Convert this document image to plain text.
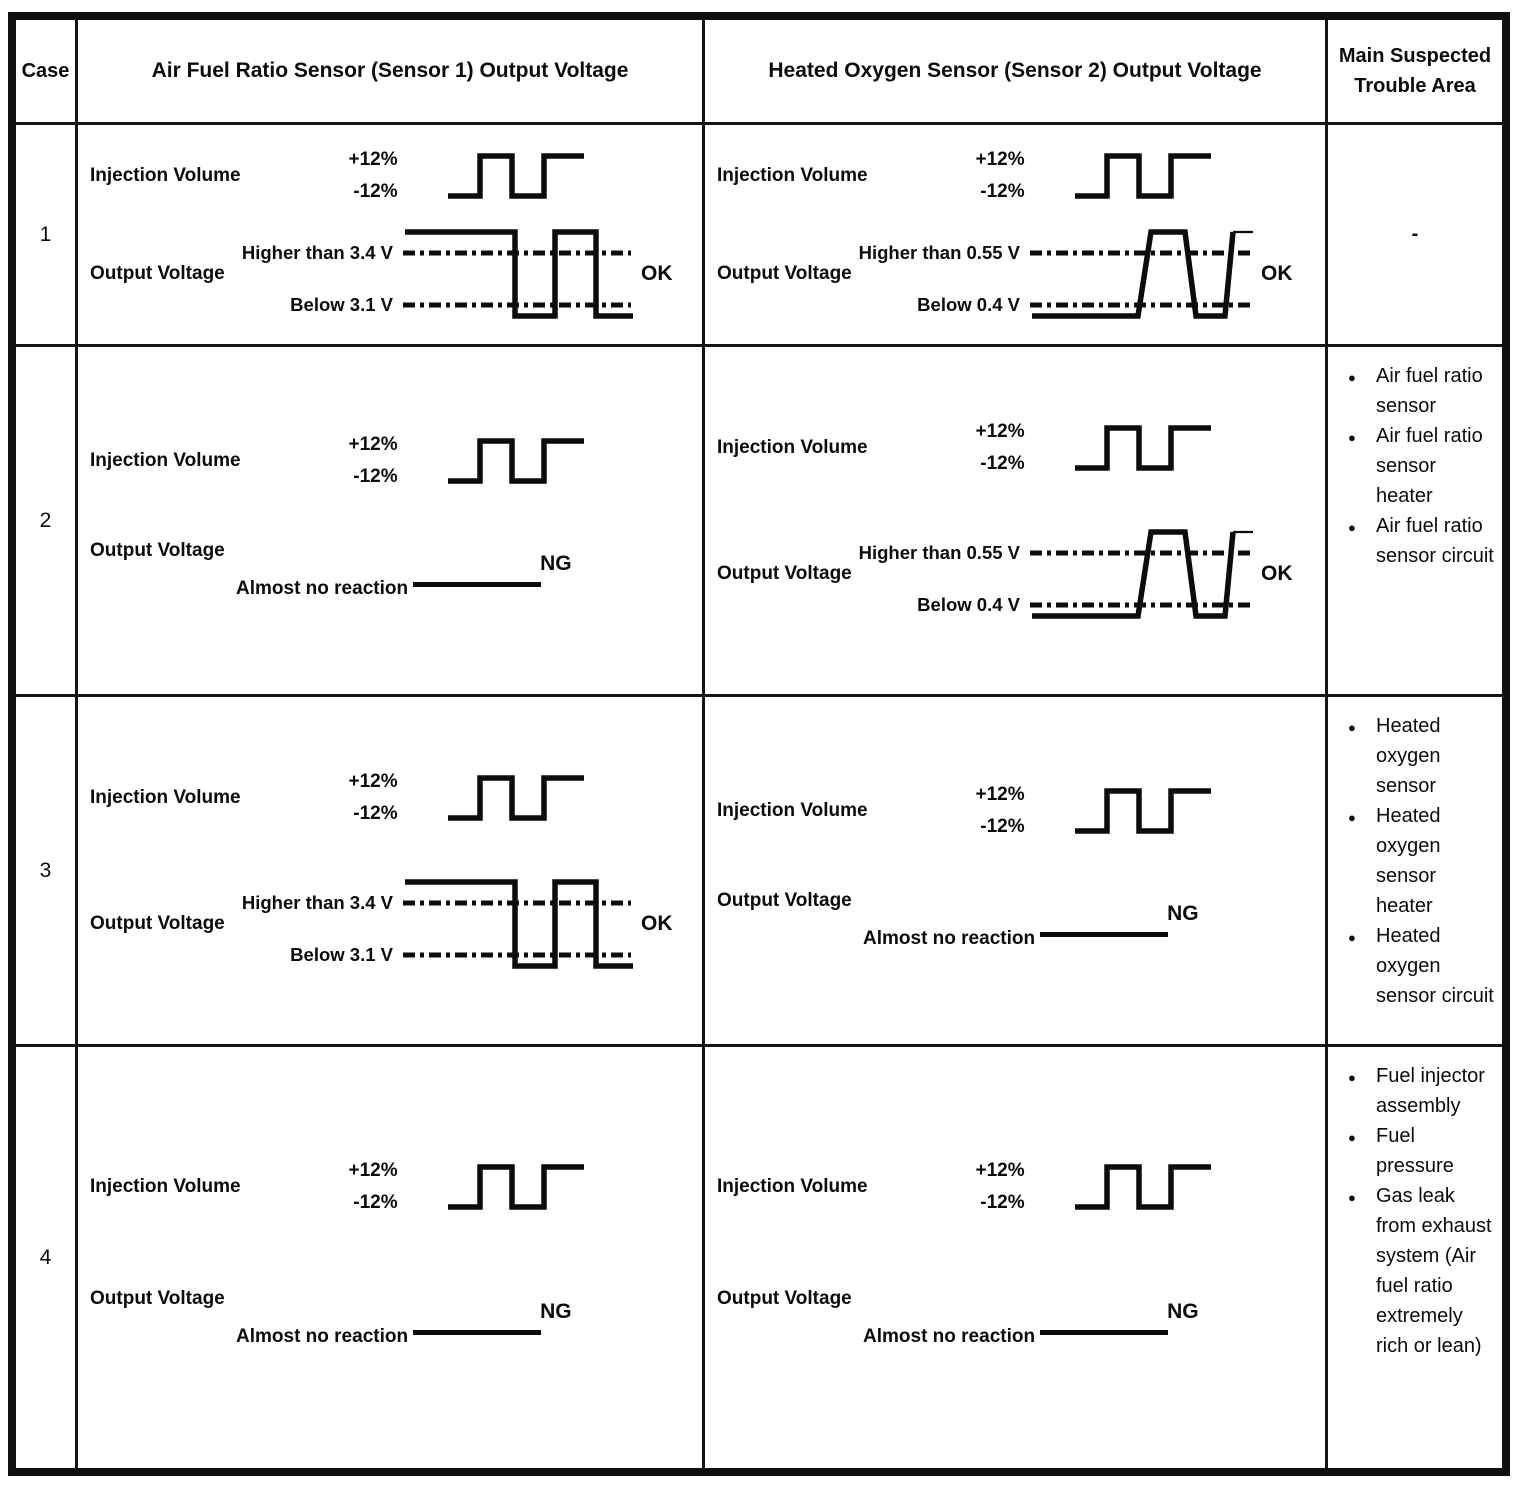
Case	Air Fuel Ratio Sensor (Sensor 1) Output Voltage	Heated Oxygen Sensor (Sensor 2) Output Voltage
Main Suspected Trouble Area
1
Injection Volume
+12%
-12%
Output Voltage
Higher than 3.4 V
Below 3.1 V
OK
Injection Volume
+12%
-12%
Output Voltage
Higher than 0.55 V
Below 0.4 V
OK
-
2
Injection Volume
+12%
-12%
Output Voltage
Almost no reaction
NG
Injection Volume
+12%
-12%
Output Voltage
Higher than 0.55 V
Below 0.4 V
OK
●
Air fuel ratio sensor
●
Air fuel ratio sensor heater
●
Air fuel ratio sensor circuit
3
Injection Volume
+12%
-12%
Output Voltage
Higher than 3.4 V
Below 3.1 V
OK
Injection Volume
+12%
-12%
Output Voltage
Almost no reaction
NG
●
Heated oxygen sensor
●
Heated oxygen sensor heater
●
Heated oxygen sensor circuit
4
Injection Volume
+12%
-12%
Output Voltage
Almost no reaction
NG
Injection Volume
+12%
-12%
Output Voltage
Almost no reaction
NG
●
Fuel injector assembly
●
Fuel pressure
●
Gas leak from exhaust system (Air fuel ratio extremely rich or lean)
